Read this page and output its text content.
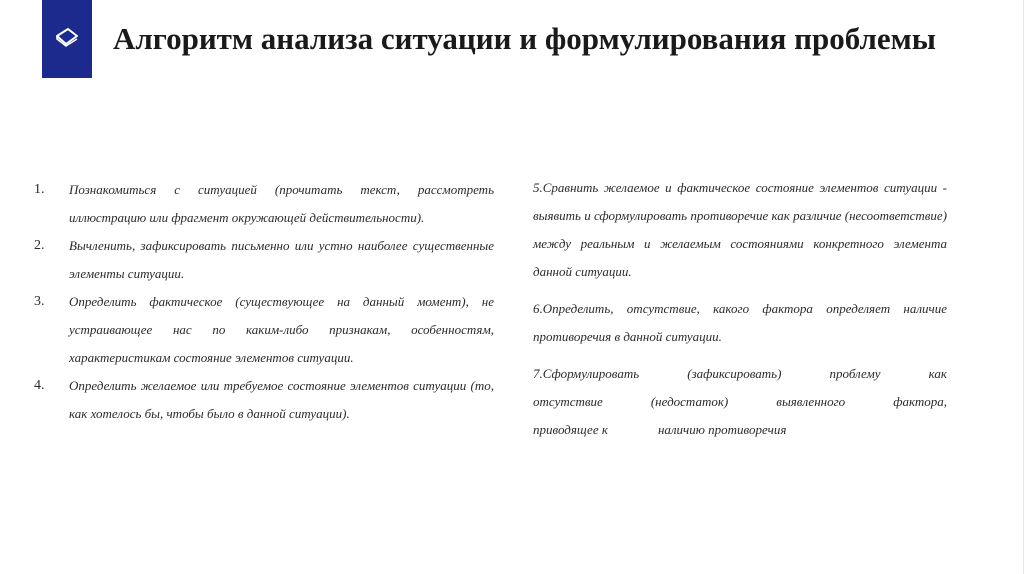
Алгоритм анализа ситуации и формулирования проблемы
1.	Познакомиться с ситуацией (прочитать текст, рассмотреть иллюстрацию или фрагмент окружающей действительности).
2.	Вычленить, зафиксировать письменно или устно наиболее существенные элементы ситуации.
3.	Определить фактическое (существующее на данный момент), не устраивающее нас по каким-либо признакам, особенностям, характеристикам состояние элементов ситуации.
4.	Определить желаемое или требуемое состояние элементов ситуации (то, как хотелось бы, чтобы было в данной ситуации).

5.Сравнить желаемое и фактическое состояние элементов ситуации - выявить и сформулировать противоречие как различие (несоответствие) между реальным и желаемым состояниями конкретного элемента данной ситуации.

6.Определить, отсутствие, какого фактора определяет наличие противоречия в данной ситуации.

7.Сформулировать (зафиксировать) проблему как
отсутствие (недостаток) выявленного фактора,
приводящее к	наличию противоречия
